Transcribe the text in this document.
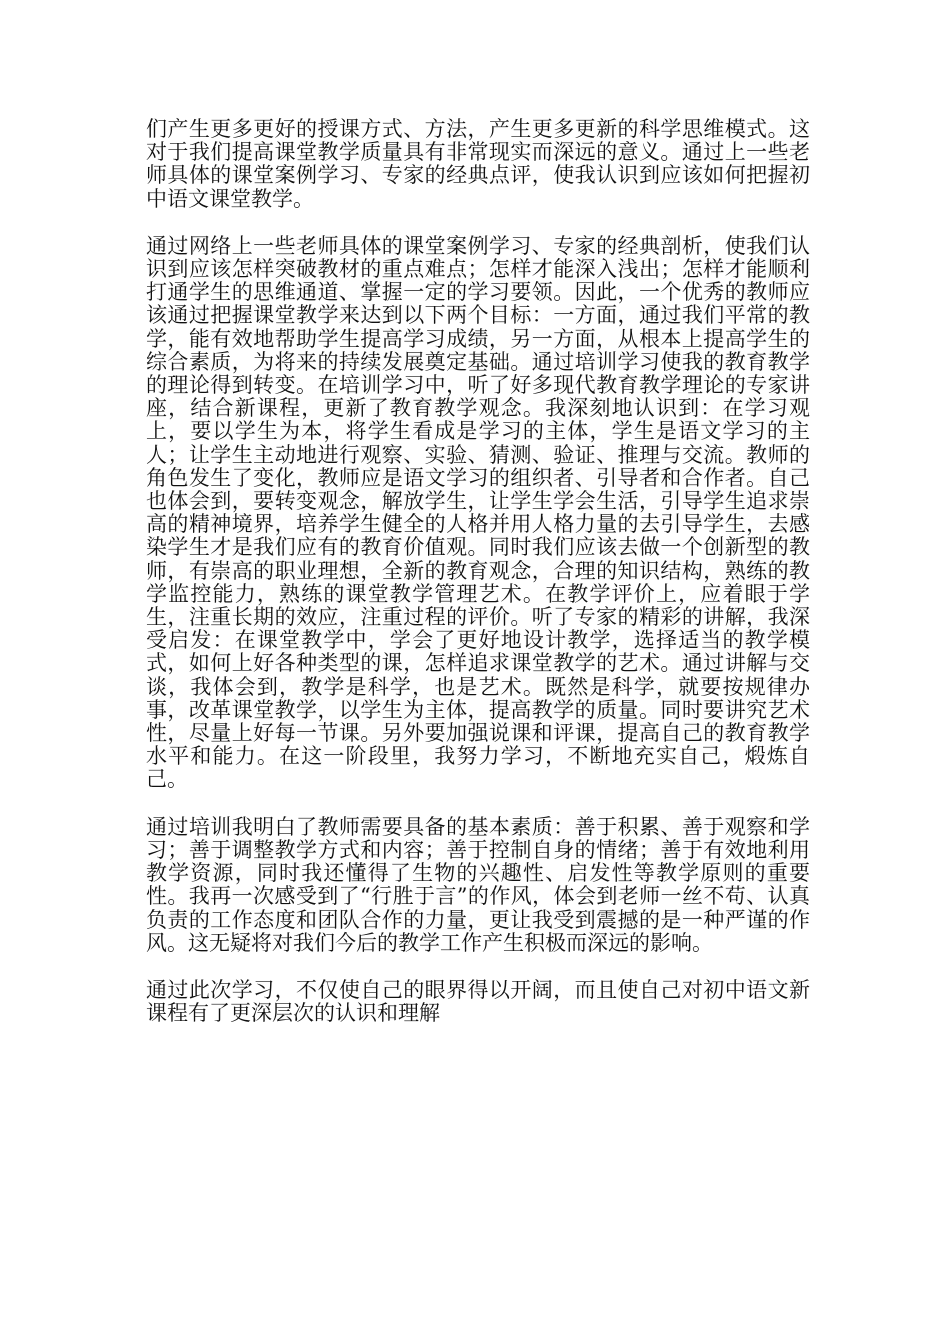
们产生更多更好的授课方式、方法，产生更多更新的科学思维模式。这对于我们提高课堂教学质量具有非常现实而深远的意义。通过上一些老师具体的课堂案例学习、专家的经典点评，使我认识到应该如何把握初中语文课堂教学。

通过网络上一些老师具体的课堂案例学习、专家的经典剖析，使我们认识到应该怎样突破教材的重点难点；怎样才能深入浅出；怎样才能顺利打通学生的思维通道、掌握一定的学习要领。因此，一个优秀的教师应该通过把握课堂教学来达到以下两个目标：一方面，通过我们平常的教学，能有效地帮助学生提高学习成绩，另一方面，从根本上提高学生的综合素质，为将来的持续发展奠定基础。通过培训学习使我的教育教学的理论得到转变。在培训学习中，听了好多现代教育教学理论的专家讲座，结合新课程，更新了教育教学观念。我深刻地认识到：在学习观上，要以学生为本，将学生看成是学习的主体，学生是语文学习的主人；让学生主动地进行观察、实验、猜测、验证、推理与交流。教师的角色发生了变化，教师应是语文学习的组织者、引导者和合作者。自己也体会到，要转变观念，解放学生，让学生学会生活，引导学生追求崇高的精神境界，培养学生健全的人格并用人格力量的去引导学生，去感染学生才是我们应有的教育价值观。同时我们应该去做一个创新型的教师，有崇高的职业理想，全新的教育观念，合理的知识结构，熟练的教学监控能力，熟练的课堂教学管理艺术。在教学评价上，应着眼于学生，注重长期的效应，注重过程的评价。听了专家的精彩的讲解，我深受启发：在课堂教学中，学会了更好地设计教学，选择适当的教学模式，如何上好各种类型的课，怎样追求课堂教学的艺术。通过讲解与交谈，我体会到，教学是科学，也是艺术。既然是科学，就要按规律办事，改革课堂教学，以学生为主体，提高教学的质量。同时要讲究艺术性，尽量上好每一节课。另外要加强说课和评课，提高自己的教育教学水平和能力。在这一阶段里，我努力学习，不断地充实自己，煅炼自己。

通过培训我明白了教师需要具备的基本素质：善于积累、善于观察和学习；善于调整教学方式和内容；善于控制自身的情绪；善于有效地利用教学资源，同时我还懂得了生物的兴趣性、启发性等教学原则的重要性。我再一次感受到了“行胜于言”的作风，体会到老师一丝不苟、认真负责的工作态度和团队合作的力量，更让我受到震撼的是一种严谨的作风。这无疑将对我们今后的教学工作产生积极而深远的影响。

通过此次学习，不仅使自己的眼界得以开阔，而且使自己对初中语文新课程有了更深层次的认识和理解
